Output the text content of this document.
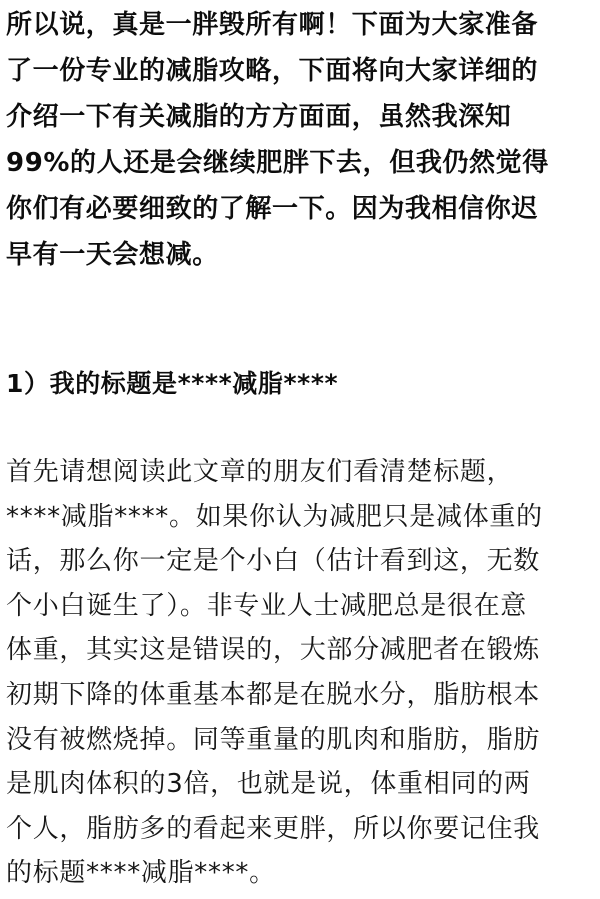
所以说，真是一胖毁所有啊！下面为大家准备
了一份专业的减脂攻略，下面将向大家详细的
介绍一下有关减脂的方方面面，虽然我深知
99%的人还是会继续肥胖下去，但我仍然觉得
你们有必要细致的了解一下。因为我相信你迟
早有一天会想减。

1）我的标题是****减脂****

首先请想阅读此文章的朋友们看清楚标题，
****减脂****。如果你认为减肥只是减体重的
话，那么你一定是个小白（估计看到这，无数
个小白诞生了）。非专业人士减肥总是很在意
体重，其实这是错误的，大部分减肥者在锻炼
初期下降的体重基本都是在脱水分，脂肪根本
没有被燃烧掉。同等重量的肌肉和脂肪，脂肪
是肌肉体积的3倍，也就是说，体重相同的两
个人，脂肪多的看起来更胖，所以你要记住我
的标题****减脂****。
